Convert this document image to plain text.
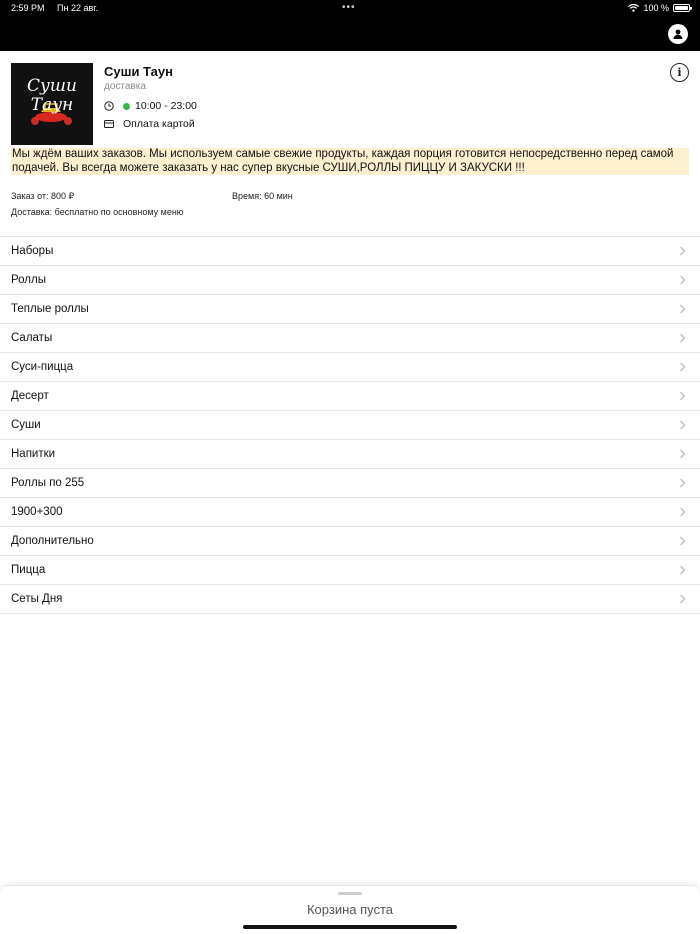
2:59 PM Пн 22 авг.	•••	100 %
Суши Таун
Суши Таун
доставка
10:00 - 23:00
Оплата картой
i
Мы ждём ваших заказов. Мы используем самые свежие продукты, каждая порция готовится непосредственно перед самой подачей. Вы всегда можете заказать у нас супер вкусные СУШИ,РОЛЛЫ ПИЦЦУ И ЗАКУСКИ !!!
Заказ от: 800 ₽	Время: 60 мин
Доставка: бесплатно по основному меню
Наборы
Роллы
Теплые роллы
Салаты
Суси-пицца
Десерт
Суши
Напитки
Роллы по 255
1900+300
Дополнительно
Пицца
Сеты Дня
Корзина пуста
